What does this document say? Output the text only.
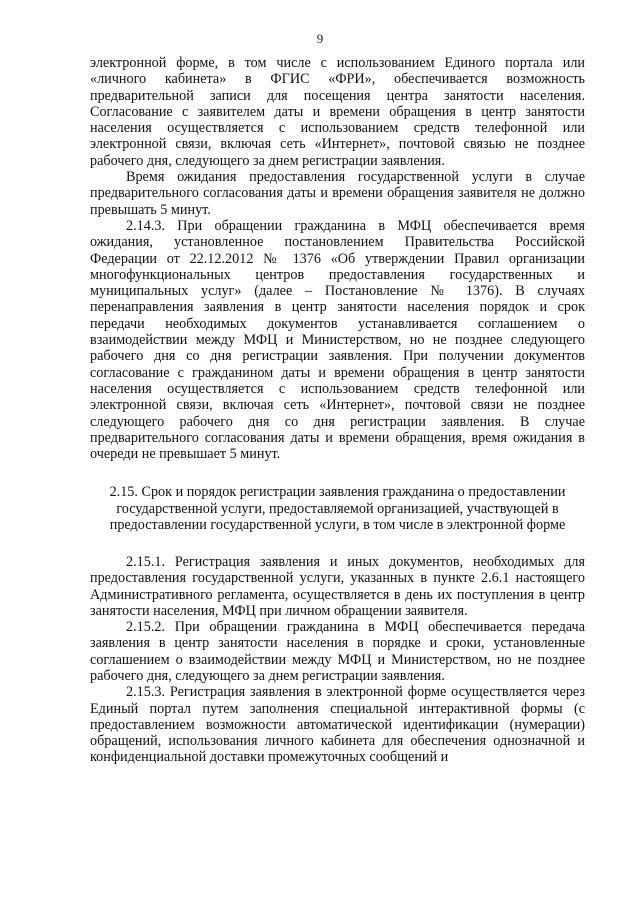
9

электронной форме, в том числе с использованием Единого портала или «личного кабинета» в ФГИС «ФРИ», обеспечивается возможность предварительной записи для посещения центра занятости населения. Согласование с заявителем даты и времени обращения в центр занятости населения осуществляется с использованием средств телефонной или электронной связи, включая сеть «Интернет», почтовой связью не позднее рабочего дня, следующего за днем регистрации заявления.

Время ожидания предоставления государственной услуги в случае предварительного согласования даты и времени обращения заявителя не должно превышать 5 минут.

2.14.3. При обращении гражданина в МФЦ обеспечивается время ожидания, установленное постановлением Правительства Российской Федерации от 22.12.2012 № 1376 «Об утверждении Правил организации многофункциональных центров предоставления государственных и муниципальных услуг» (далее – Постановление № 1376). В случаях перенаправления заявления в центр занятости населения порядок и срок передачи необходимых документов устанавливается соглашением о взаимодействии между МФЦ и Министерством, но не позднее следующего рабочего дня со дня регистрации заявления. При получении документов согласование с гражданином даты и времени обращения в центр занятости населения осуществляется с использованием средств телефонной или электронной связи, включая сеть «Интернет», почтовой связи не позднее следующего рабочего дня со дня регистрации заявления. В случае предварительного согласования даты и времени обращения, время ожидания в очереди не превышает 5 минут.

2.15. Срок и порядок регистрации заявления гражданина о предоставлении государственной услуги, предоставляемой организацией, участвующей в предоставлении государственной услуги, в том числе в электронной форме

2.15.1. Регистрация заявления и иных документов, необходимых для предоставления государственной услуги, указанных в пункте 2.6.1 настоящего Административного регламента, осуществляется в день их поступления в центр занятости населения, МФЦ при личном обращении заявителя.

2.15.2. При обращении гражданина в МФЦ обеспечивается передача заявления в центр занятости населения в порядке и сроки, установленные соглашением о взаимодействии между МФЦ и Министерством, но не позднее рабочего дня, следующего за днем регистрации заявления.

2.15.3. Регистрация заявления в электронной форме осуществляется через Единый портал путем заполнения специальной интерактивной формы (с предоставлением возможности автоматической идентификации (нумерации) обращений, использования личного кабинета для обеспечения однозначной и конфиденциальной доставки промежуточных сообщений и
